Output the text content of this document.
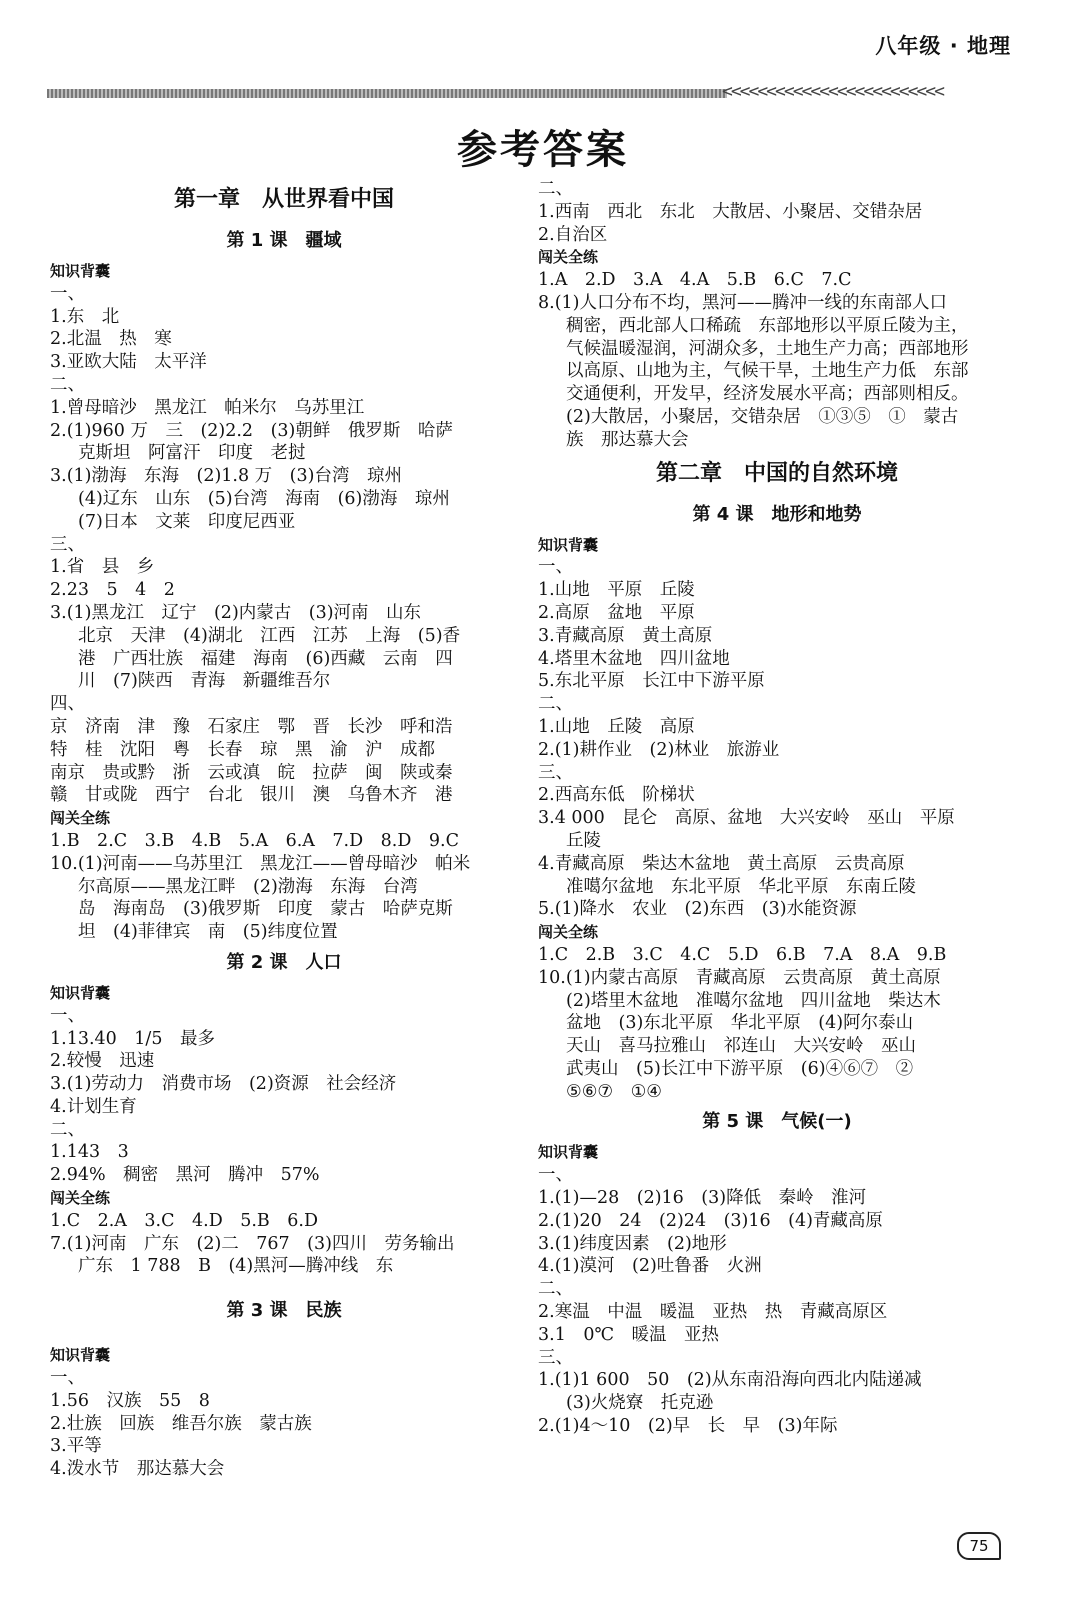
八年级 · 地理
<<<<<<<<<<<<<<<<<<<<<<<<<
参考答案
第一章　从世界看中国
第 1 课　疆域
知识背囊
一、
1.东　北
2.北温　热　寒
3.亚欧大陆　太平洋
二、
1.曾母暗沙　黑龙江　帕米尔　乌苏里江
2.(1)960 万　三　(2)2.2　(3)朝鲜　俄罗斯　哈萨
克斯坦　阿富汗　印度　老挝
3.(1)渤海　东海　(2)1.8 万　(3)台湾　琼州
(4)辽东　山东　(5)台湾　海南　(6)渤海　琼州
(7)日本　文莱　印度尼西亚
三、
1.省　县　乡
2.23　5　4　2
3.(1)黑龙江　辽宁　(2)内蒙古　(3)河南　山东
北京　天津　(4)湖北　江西　江苏　上海　(5)香
港　广西壮族　福建　海南　(6)西藏　云南　四
川　(7)陕西　青海　新疆维吾尔
四、
京　济南　津　豫　石家庄　鄂　晋　长沙　呼和浩
特　桂　沈阳　粤　长春　琼　黑　渝　沪　成都
南京　贵或黔　浙　云或滇　皖　拉萨　闽　陕或秦
赣　甘或陇　西宁　台北　银川　澳　乌鲁木齐　港
闯关全练
1.B　2.C　3.B　4.B　5.A　6.A　7.D　8.D　9.C
10.(1)河南——乌苏里江　黑龙江——曾母暗沙　帕米
尔高原——黑龙江畔　(2)渤海　东海　台湾
岛　海南岛　(3)俄罗斯　印度　蒙古　哈萨克斯
坦　(4)菲律宾　南　(5)纬度位置
第 2 课　人口
知识背囊
一、
1.13.40　1/5　最多
2.较慢　迅速
3.(1)劳动力　消费市场　(2)资源　社会经济
4.计划生育
二、
1.143　3
2.94%　稠密　黑河　腾冲　57%
闯关全练
1.C　2.A　3.C　4.D　5.B　6.D
7.(1)河南　广东　(2)二　767　(3)四川　劳务输出
广东　1 788　B　(4)黑河—腾冲线　东
第 3 课　民族
知识背囊
一、
1.56　汉族　55　8
2.壮族　回族　维吾尔族　蒙古族
3.平等
4.泼水节　那达慕大会
二、
1.西南　西北　东北　大散居、小聚居、交错杂居
2.自治区
闯关全练
1.A　2.D　3.A　4.A　5.B　6.C　7.C
8.(1)人口分布不均，黑河——腾冲一线的东南部人口
稠密，西北部人口稀疏　东部地形以平原丘陵为主，
气候温暖湿润，河湖众多，土地生产力高；西部地形
以高原、山地为主，气候干旱，土地生产力低　东部
交通便利，开发早，经济发展水平高；西部则相反。
(2)大散居，小聚居，交错杂居　①③⑤　①　蒙古
族　那达慕大会
第二章　中国的自然环境
第 4 课　地形和地势
知识背囊
一、
1.山地　平原　丘陵
2.高原　盆地　平原
3.青藏高原　黄土高原
4.塔里木盆地　四川盆地
5.东北平原　长江中下游平原
二、
1.山地　丘陵　高原
2.(1)耕作业　(2)林业　旅游业
三、
2.西高东低　阶梯状
3.4 000　昆仑　高原、盆地　大兴安岭　巫山　平原
丘陵
4.青藏高原　柴达木盆地　黄土高原　云贵高原
准噶尔盆地　东北平原　华北平原　东南丘陵
5.(1)降水　农业　(2)东西　(3)水能资源
闯关全练
1.C　2.B　3.C　4.C　5.D　6.B　7.A　8.A　9.B
10.(1)内蒙古高原　青藏高原　云贵高原　黄土高原
(2)塔里木盆地　准噶尔盆地　四川盆地　柴达木
盆地　(3)东北平原　华北平原　(4)阿尔泰山
天山　喜马拉雅山　祁连山　大兴安岭　巫山
武夷山　(5)长江中下游平原　(6)④⑥⑦　②
⑤⑥⑦　①④
第 5 课　气候(一)
知识背囊
一、
1.(1)—28　(2)16　(3)降低　秦岭　淮河
2.(1)20　24　(2)24　(3)16　(4)青藏高原
3.(1)纬度因素　(2)地形
4.(1)漠河　(2)吐鲁番　火洲
二、
2.寒温　中温　暖温　亚热　热　青藏高原区
3.1　0℃　暖温　亚热
三、
1.(1)1 600　50　(2)从东南沿海向西北内陆递减
(3)火烧寮　托克逊
2.(1)4～10　(2)早　长　早　(3)年际
75
